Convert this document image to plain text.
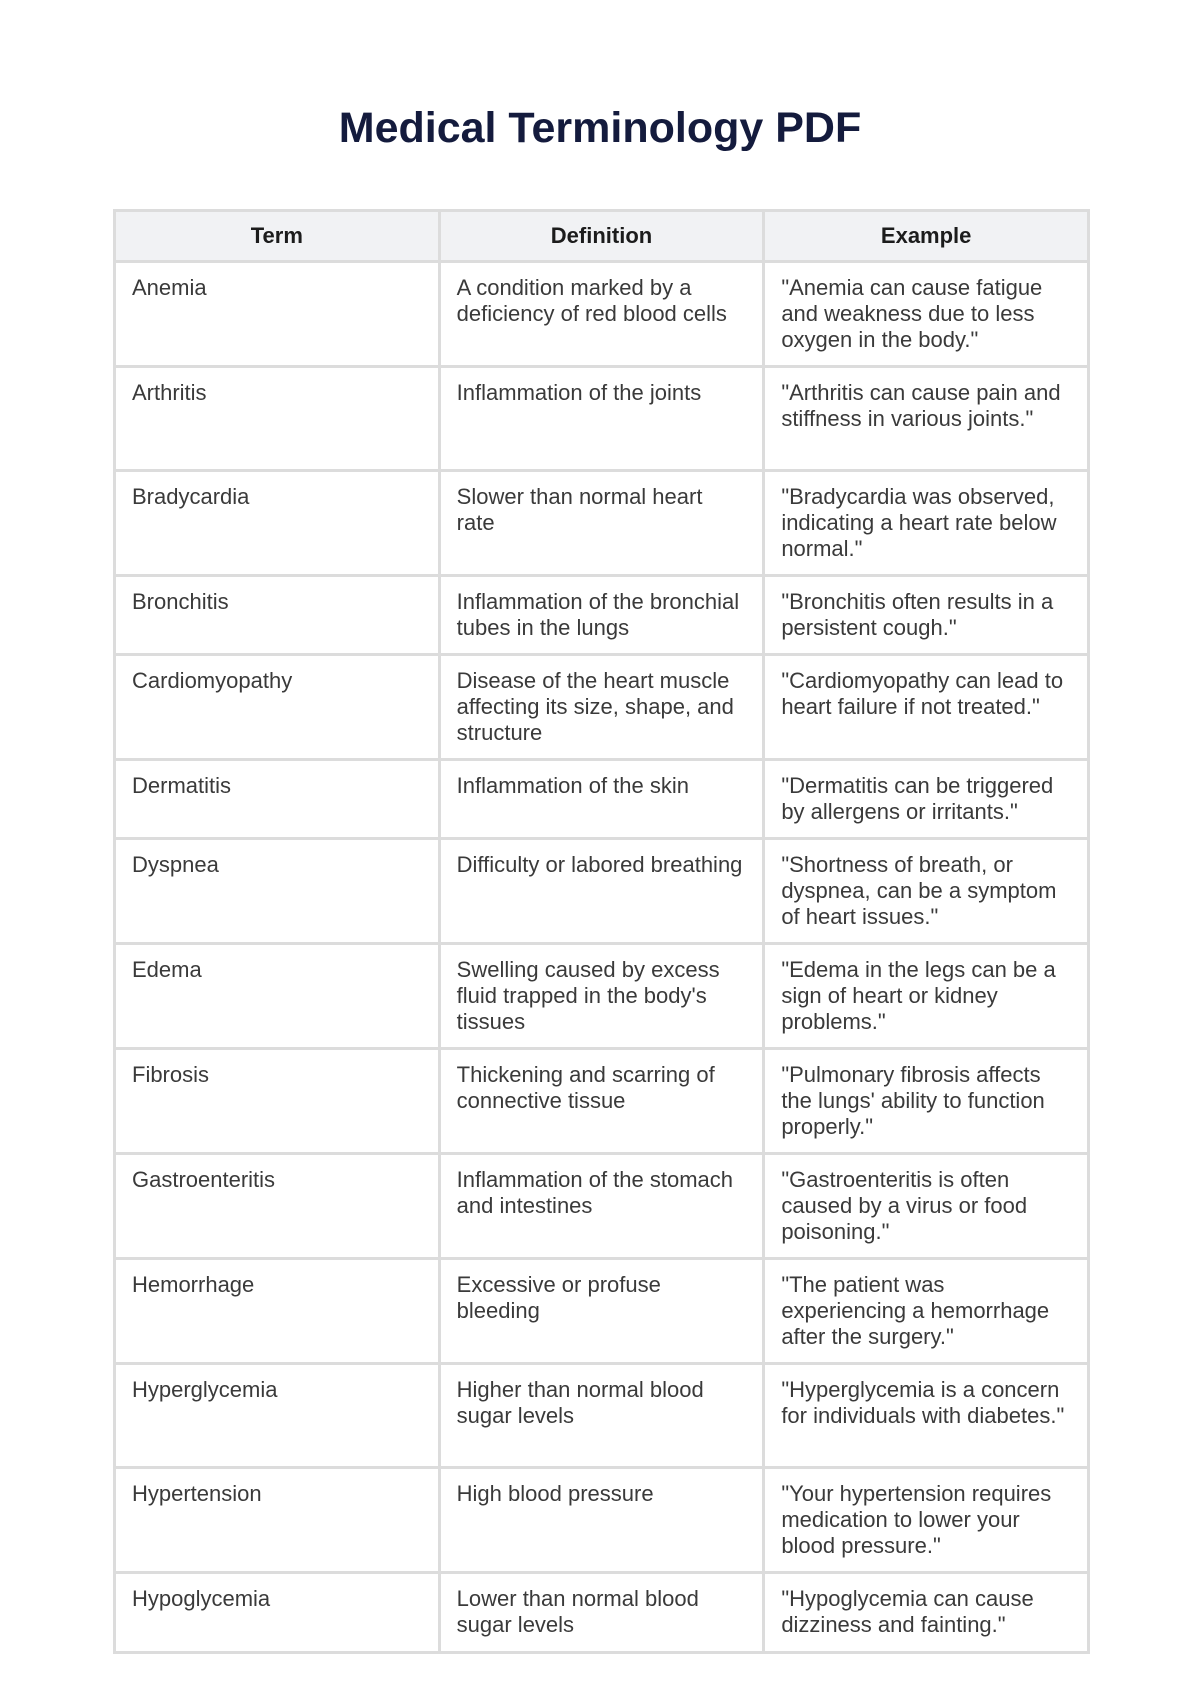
Medical Terminology PDF
Term	Definition	Example
Anemia	A condition marked by a deficiency of red blood cells	"Anemia can cause fatigue and weakness due to less oxygen in the body."
Arthritis	Inflammation of the joints	"Arthritis can cause pain and stiffness in various joints."
Bradycardia	Slower than normal heart rate	"Bradycardia was observed, indicating a heart rate below normal."
Bronchitis	Inflammation of the bronchial tubes in the lungs	"Bronchitis often results in a persistent cough."
Cardiomyopathy	Disease of the heart muscle affecting its size, shape, and structure	"Cardiomyopathy can lead to heart failure if not treated."
Dermatitis	Inflammation of the skin	"Dermatitis can be triggered by allergens or irritants."
Dyspnea	Difficulty or labored breathing	"Shortness of breath, or dyspnea, can be a symptom of heart issues."
Edema	Swelling caused by excess fluid trapped in the body's tissues	"Edema in the legs can be a sign of heart or kidney problems."
Fibrosis	Thickening and scarring of connective tissue	"Pulmonary fibrosis affects the lungs' ability to function properly."
Gastroenteritis	Inflammation of the stomach and intestines	"Gastroenteritis is often caused by a virus or food poisoning."
Hemorrhage	Excessive or profuse bleeding	"The patient was experiencing a hemorrhage after the surgery."
Hyperglycemia	Higher than normal blood sugar levels	"Hyperglycemia is a concern for individuals with diabetes."
Hypertension	High blood pressure	"Your hypertension requires medication to lower your blood pressure."
Hypoglycemia	Lower than normal blood sugar levels	"Hypoglycemia can cause dizziness and fainting."
